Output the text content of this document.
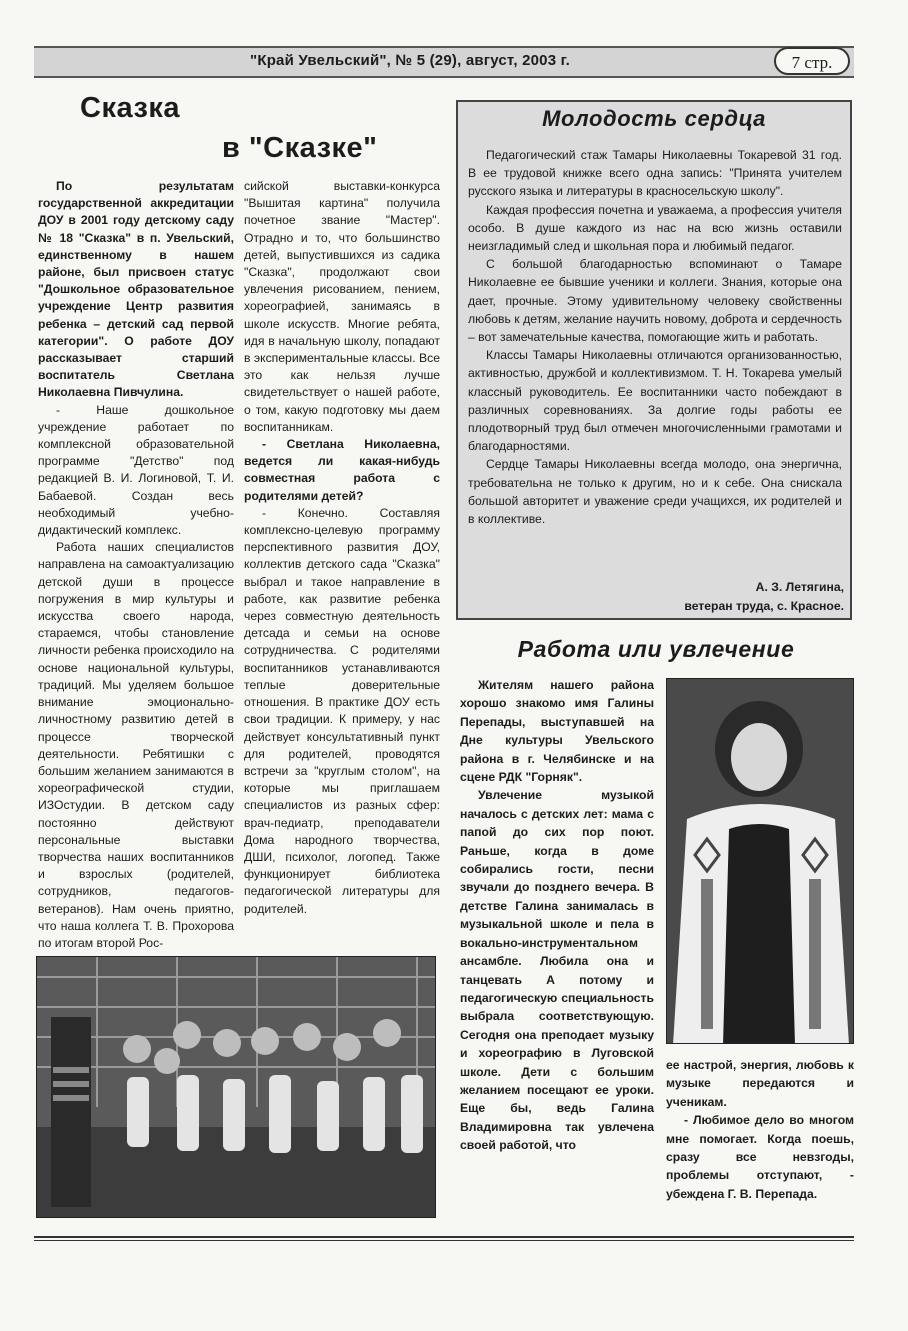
"Край Увельский", № 5 (29), август, 2003 г.	7 стр.
Сказка
в "Сказке"

По результатам государственной аккредитации ДОУ в 2001 году детскому саду № 18 "Сказка" в п. Увельский, единственному в нашем районе, был присвоен статус "Дошкольное образовательное учреждение Центр развития ребенка – детский сад первой категории". О работе ДОУ рассказывает старший воспитатель Светлана Николаевна Пивчулина.

- Наше дошкольное учреждение работает по комплексной образовательной программе "Детство" под редакцией В. И. Логиновой, Т. И. Бабаевой. Создан весь необходимый учебно-дидактический комплекс.

Работа наших специалистов направлена на самоактуализацию детской души в процессе погружения в мир культуры и искусства своего народа, стараемся, чтобы становление личности ребенка происходило на основе национальной культуры, традиций. Мы уделяем большое внимание эмоционально-личностному развитию детей в процессе творческой деятельности. Ребятишки с большим желанием занимаются в хореографической студии, ИЗОстудии. В детском саду постоянно действуют персональные выставки творчества наших воспитанников и взрослых (родителей, сотрудников, педагогов-ветеранов). Нам очень приятно, что наша коллега Т. В. Прохорова по итогам второй Рос-

сийской выставки-конкурса "Вышитая картина" получила почетное звание "Мастер". Отрадно и то, что большинство детей, выпустившихся из садика "Сказка", продолжают свои увлечения рисованием, пением, хореографией, занимаясь в школе искусств. Многие ребята, идя в начальную школу, попадают в экспериментальные классы. Все это как нельзя лучше свидетельствует о нашей работе, о том, какую подготовку мы даем воспитанникам.

- Светлана Николаевна, ведется ли какая-нибудь совместная работа с родителями детей?

- Конечно. Составляя комплексно-целевую программу перспективного развития ДОУ, коллектив детского сада "Сказка" выбрал и такое направление в работе, как развитие ребенка через совместную деятельность детсада и семьи на основе сотрудничества. С родителями воспитанников устанавливаются теплые доверительные отношения. В практике ДОУ есть свои традиции. К примеру, у нас действует консультативный пункт для родителей, проводятся встречи за "круглым столом", на которые мы приглашаем специалистов из разных сфер: врач-педиатр, преподаватели Дома народного творчества, ДШИ, психолог, логопед. Также функционирует библиотека педагогической литературы для родителей.

Молодость сердца

Педагогический стаж Тамары Николаевны Токаревой 31 год. В ее трудовой книжке всего одна запись: "Принята учителем русского языка и литературы в красносельскую школу".

Каждая профессия почетна и уважаема, а профессия учителя особо. В душе каждого из нас на всю жизнь оставили неизгладимый след и школьная пора и любимый педагог.

С большой благодарностью вспоминают о Тамаре Николаевне ее бывшие ученики и коллеги. Знания, которые она дает, прочные. Этому удивительному человеку свойственны любовь к детям, желание научить новому, доброта и сердечность – вот замечательные качества, помогающие жить и работать.

Классы Тамары Николаевны отличаются организованностью, активностью, дружбой и коллективизмом. Т. Н. Токарева умелый классный руководитель. Ее воспитанники часто побеждают в различных соревнованиях. За долгие годы работы ее плодотворный труд был отмечен многочисленными грамотами и благодарностями.

Сердце Тамары Николаевны всегда молодо, она энергична, требовательна не только к другим, но и к себе. Она снискала большой авторитет и уважение среди учащихся, их родителей и в коллективе.

А. З. Летягина,
ветеран труда, с. Красное.
Работа или увлечение

Жителям нашего района хорошо знакомо имя Галины Перепады, выступавшей на Дне культуры Увельского района в г. Челябинске и на сцене РДК "Горняк".

Увлечение музыкой началось с детских лет: мама с папой до сих пор поют. Раньше, когда в доме собирались гости, песни звучали до позднего вечера. В детстве Галина занималась в музыкальной школе и пела в вокально-инструментальном ансамбле. Любила она и танцевать А потому и педагогическую специальность выбрала соответствующую. Сегодня она преподает музыку и хореографию в Луговской школе. Дети с большим желанием посещают ее уроки. Еще бы, ведь Галина Владимировна так увлечена своей работой, что

ее настрой, энергия, любовь к музыке передаются и ученикам.

- Любимое дело во многом мне помогает. Когда поешь, сразу все невзгоды, проблемы отступают, - убеждена Г. В. Перепада.
